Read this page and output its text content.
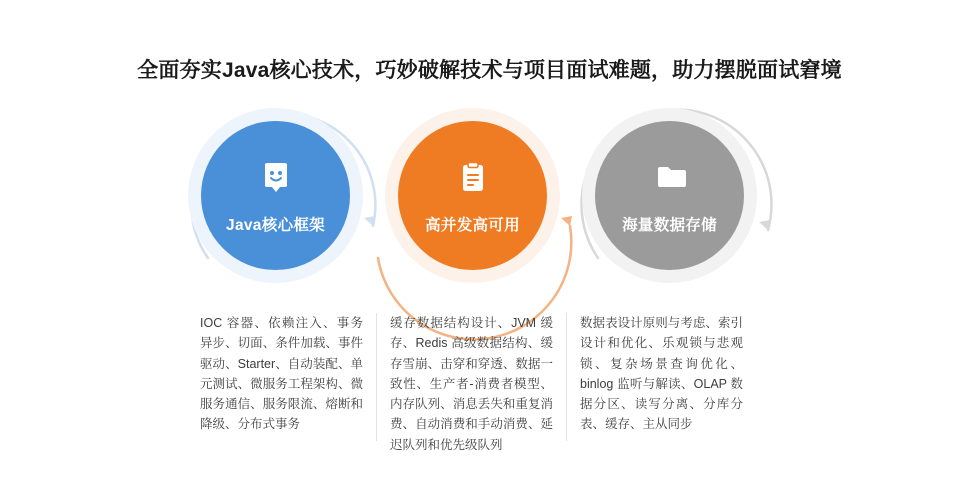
全面夯实Java核心技术，巧妙破解技术与项目面试难题，助力摆脱面试窘境
Java核心框架	高并发高可用	海量数据存储
IOC 容器、依赖注入、事务异步、切面、条件加载、事件驱动、Starter、自动装配、单元测试、微服务工程架构、微服务通信、服务限流、熔断和降级、分布式事务
缓存数据结构设计、JVM 缓存、Redis 高级数据结构、缓存雪崩、击穿和穿透、数据一致性、生产者-消费者模型、内存队列、消息丢失和重复消费、自动消费和手动消费、延迟队列和优先级队列
数据表设计原则与考虑、索引设计和优化、乐观锁与悲观锁、复杂场景查询优化、binlog 监听与解读、OLAP 数据分区、读写分离、分库分表、缓存、主从同步
